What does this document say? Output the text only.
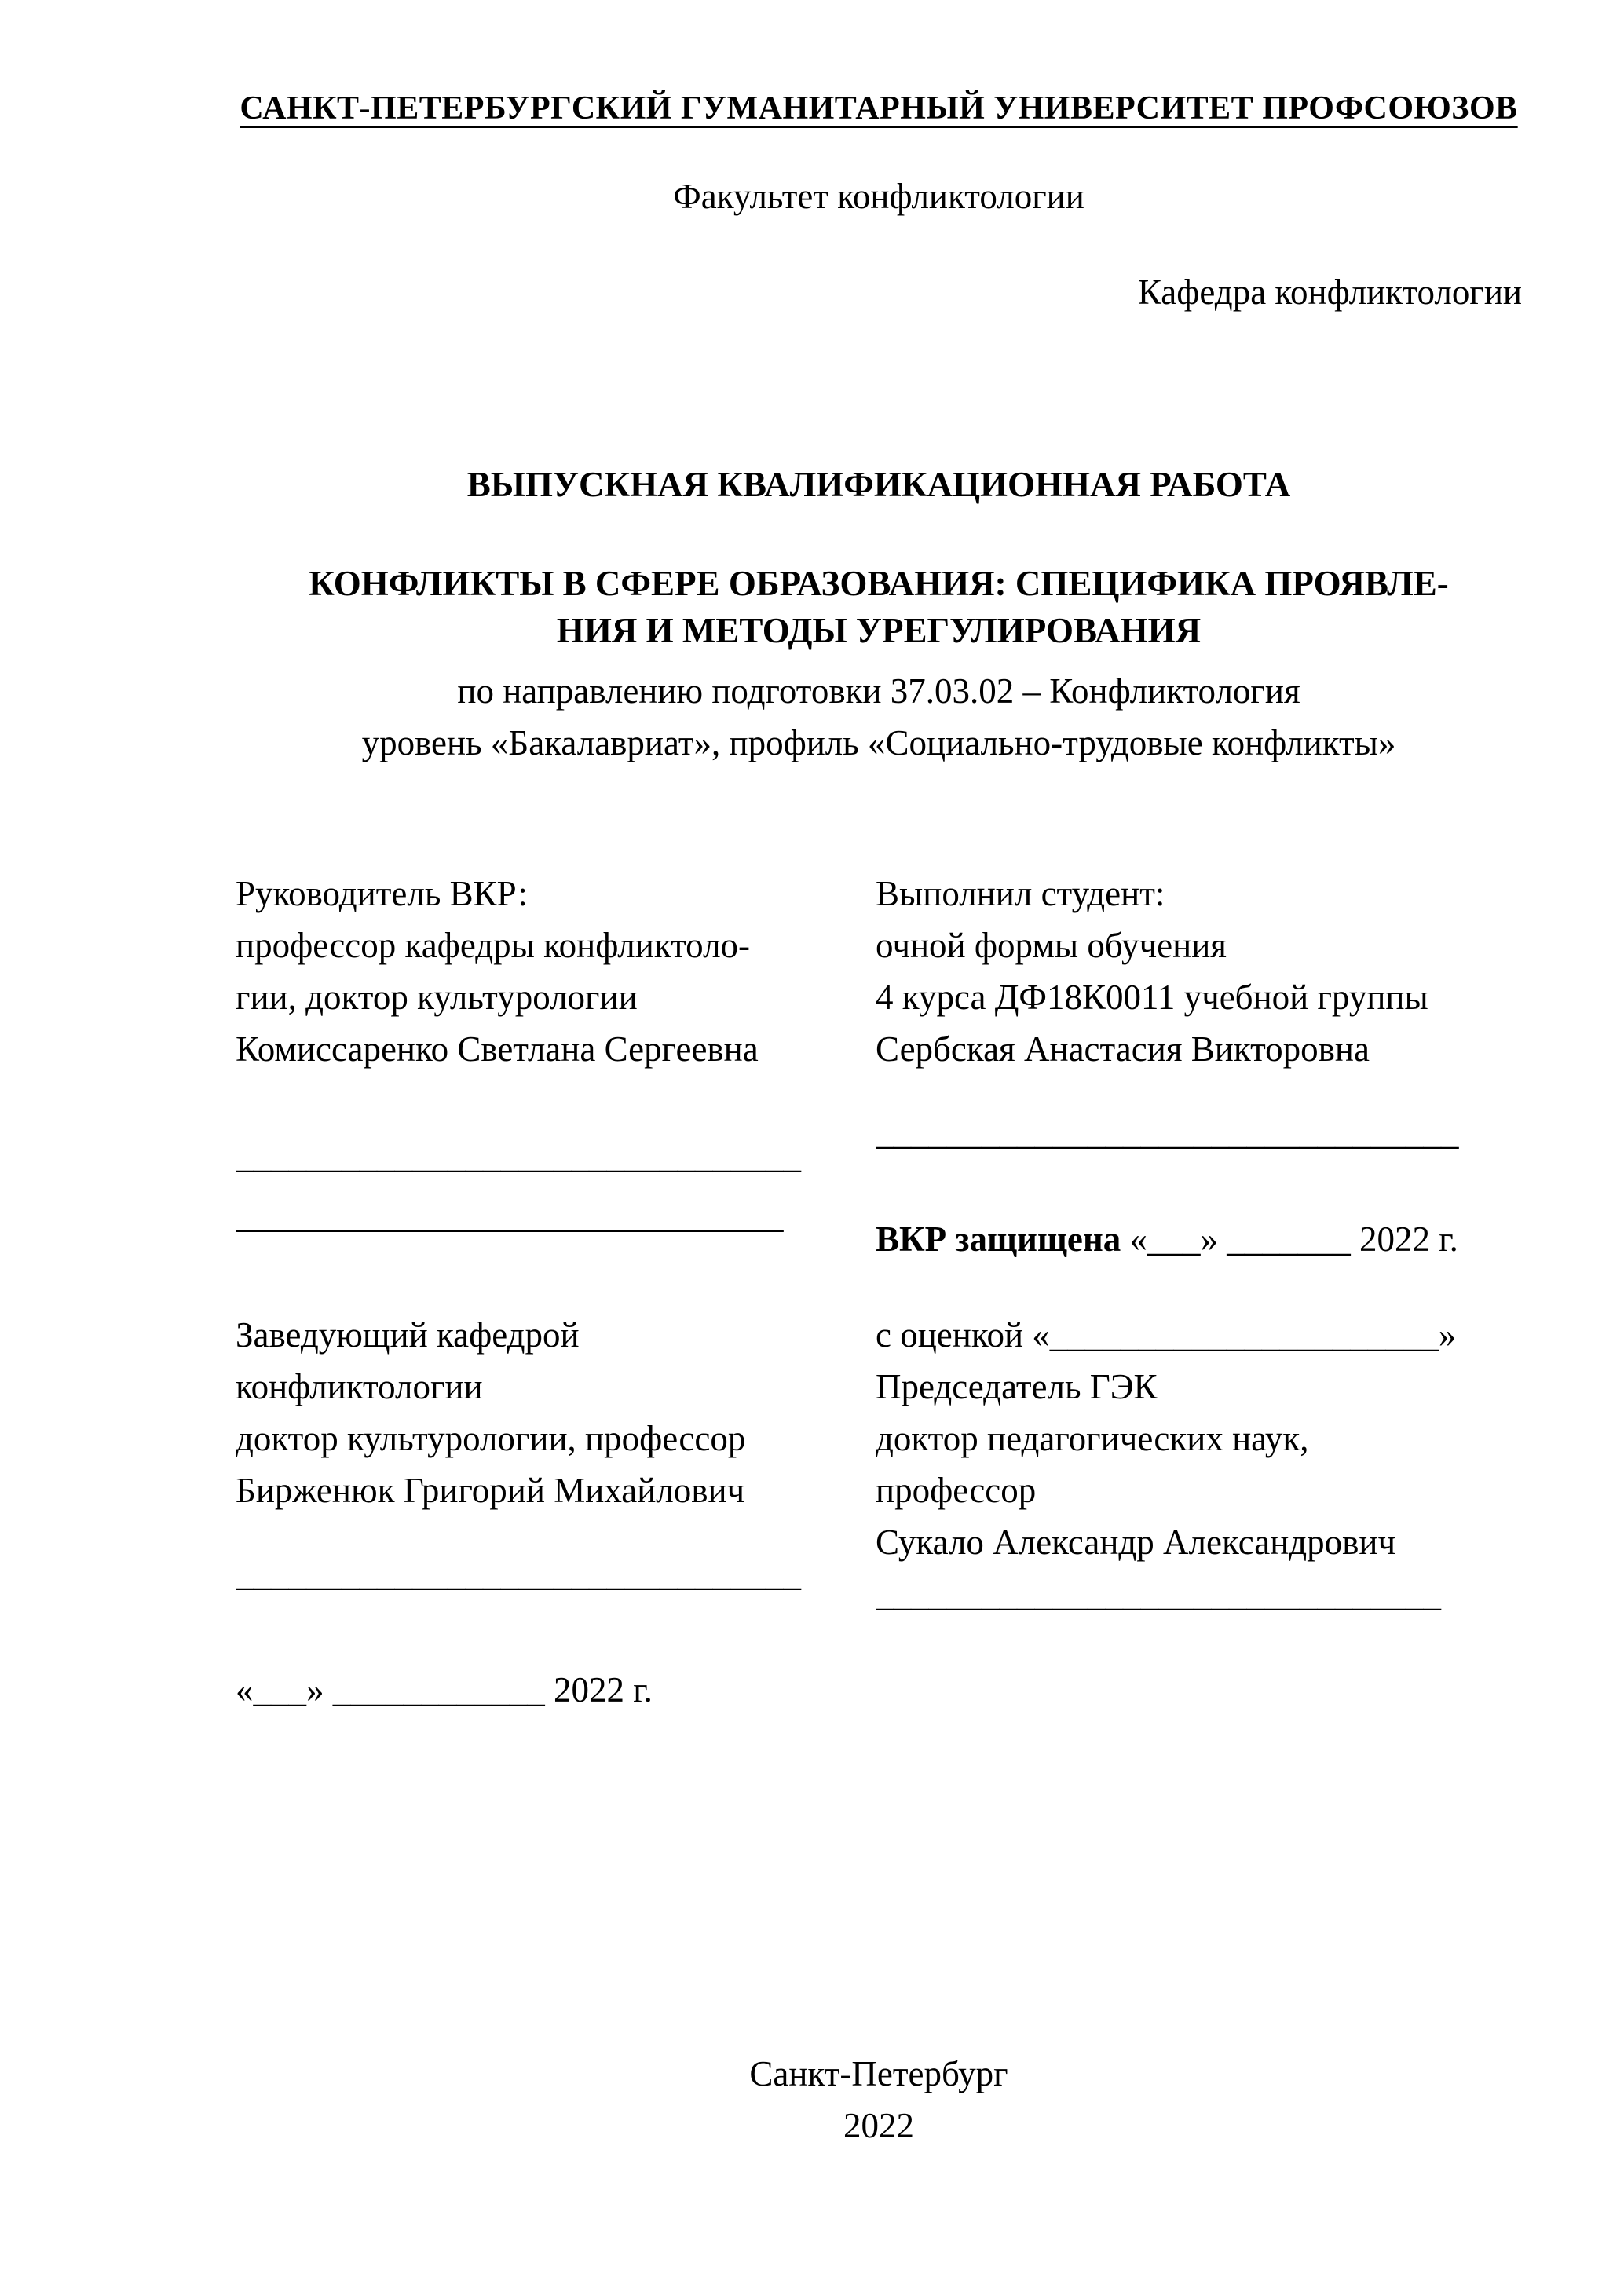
САНКТ-ПЕТЕРБУРГСКИЙ ГУМАНИТАРНЫЙ УНИВЕРСИТЕТ ПРОФСОЮЗОВ
Факультет конфликтологии
Кафедра конфликтологии
ВЫПУСКНАЯ КВАЛИФИКАЦИОННАЯ РАБОТА
КОНФЛИКТЫ В СФЕРЕ ОБРАЗОВАНИЯ: СПЕЦИФИКА ПРОЯВЛЕ-
НИЯ И МЕТОДЫ УРЕГУЛИРОВАНИЯ
по направлению подготовки 37.03.02 – Конфликтология
уровень «Бакалавриат», профиль «Социально-трудовые конфликты»
Руководитель ВКР:
профессор кафедры конфликтоло-
гии, доктор культурологии
Комиссаренко Светлана Сергеевна
________________________________
_______________________________
Заведующий кафедрой
конфликтологии
доктор культурологии, профессор
Бирженюк Григорий Михайлович
________________________________
«___» ____________ 2022 г.
Выполнил студент:
очной формы обучения
4 курса ДФ18К0011 учебной группы
Сербская Анастасия Викторовна
_________________________________
ВКР защищена «___» _______ 2022 г.
с оценкой «______________________»
Председатель ГЭК
доктор педагогических наук,
профессор
Сукало Александр Александрович
________________________________
Санкт-Петербург
2022
